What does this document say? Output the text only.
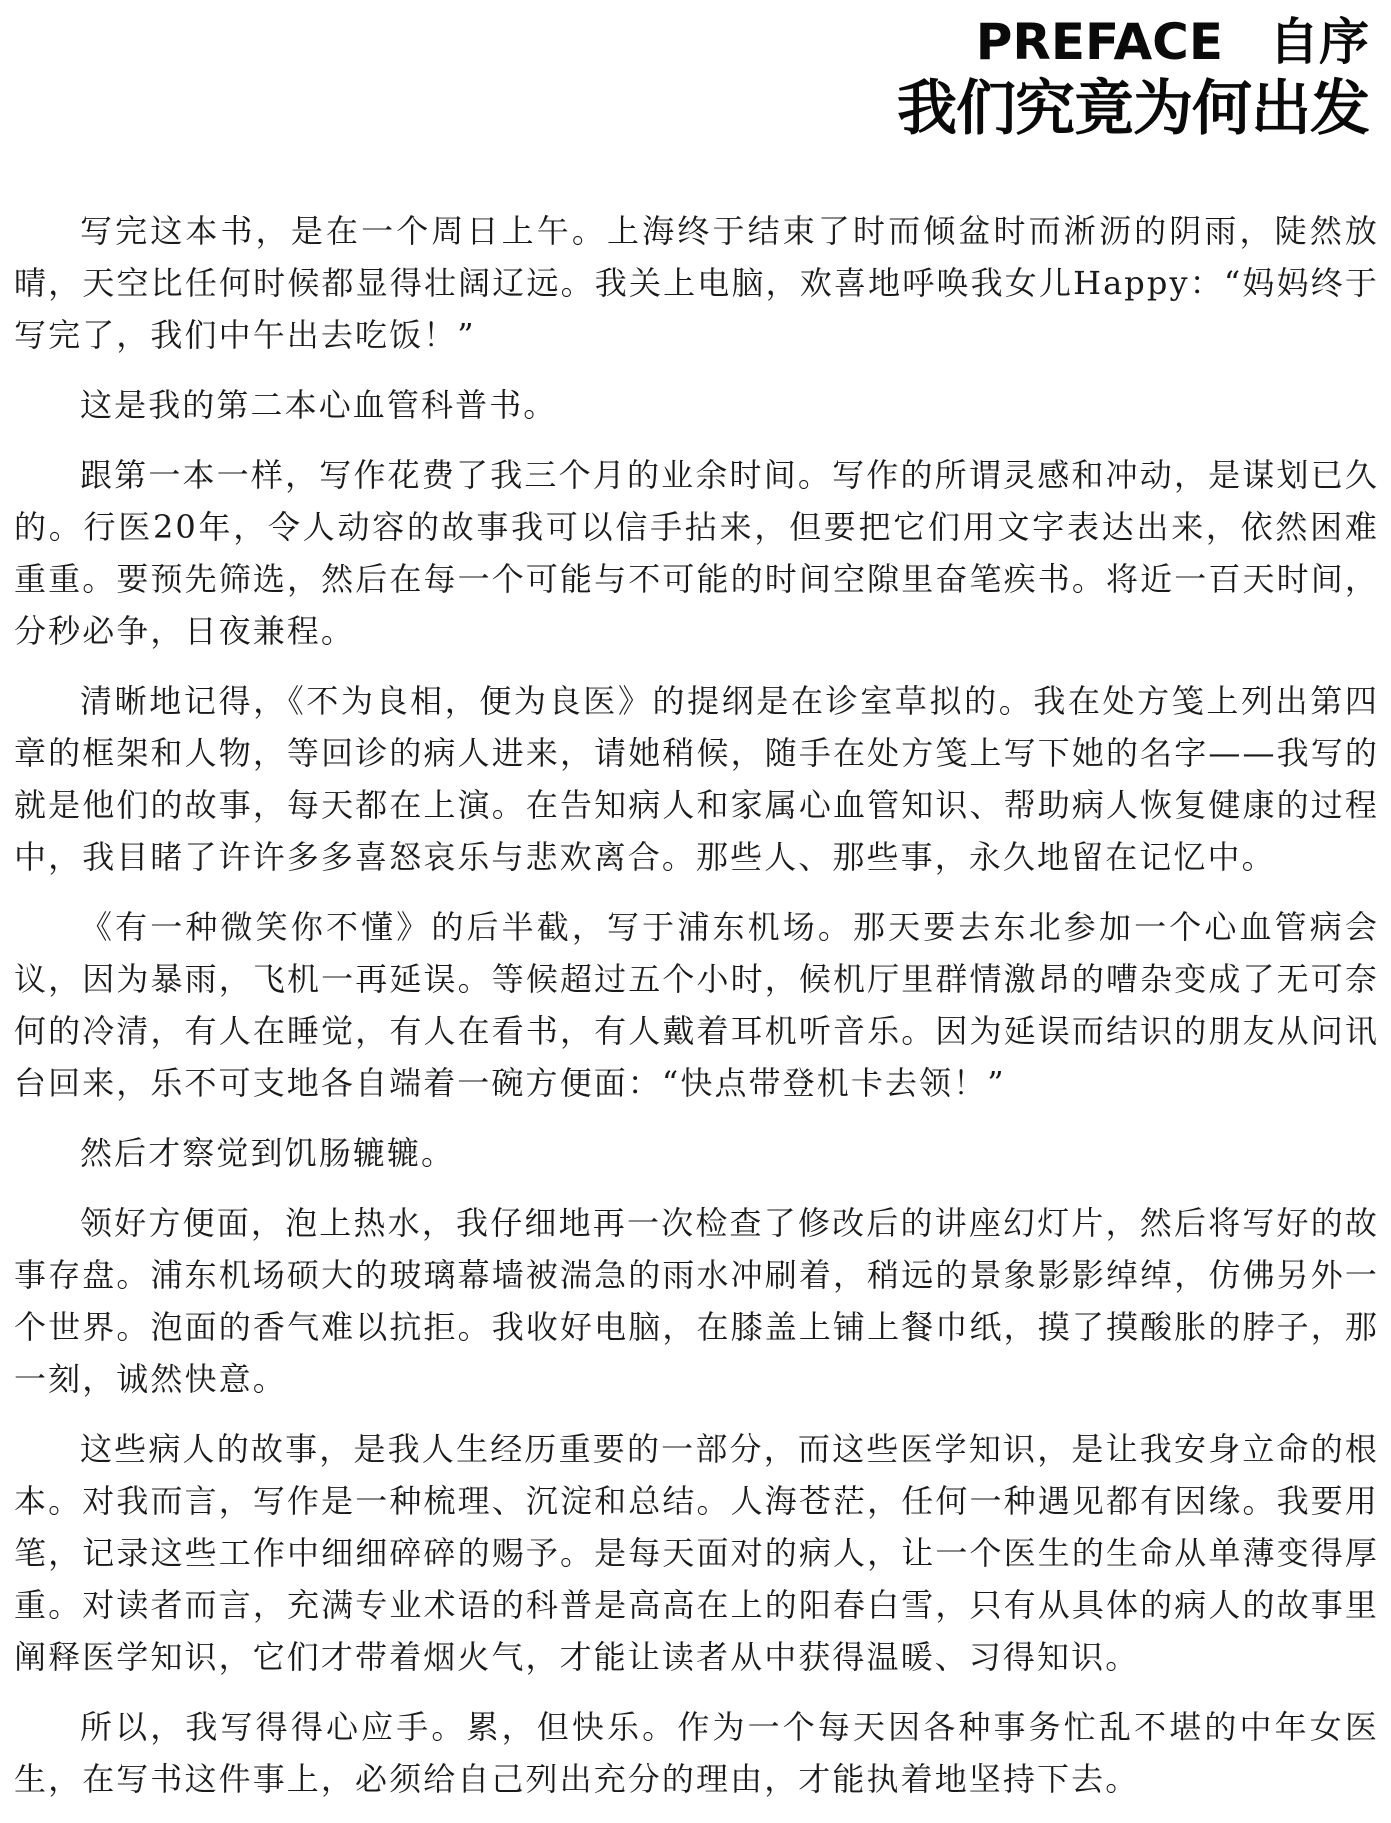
PREFACE 自序
我们究竟为何出发

写完这本书，是在一个周日上午。上海终于结束了时而倾盆时而淅沥的阴雨，陡然放晴，天空比任何时候都显得壮阔辽远。我关上电脑，欢喜地呼唤我女儿Happy：“妈妈终于写完了，我们中午出去吃饭！”

这是我的第二本心血管科普书。

跟第一本一样，写作花费了我三个月的业余时间。写作的所谓灵感和冲动，是谋划已久的。行医20年，令人动容的故事我可以信手拈来，但要把它们用文字表达出来，依然困难重重。要预先筛选，然后在每一个可能与不可能的时间空隙里奋笔疾书。将近一百天时间，分秒必争，日夜兼程。

清晰地记得，《不为良相，便为良医》的提纲是在诊室草拟的。我在处方笺上列出第四章的框架和人物，等回诊的病人进来，请她稍候，随手在处方笺上写下她的名字——我写的就是他们的故事，每天都在上演。在告知病人和家属心血管知识、帮助病人恢复健康的过程中，我目睹了许许多多喜怒哀乐与悲欢离合。那些人、那些事，永久地留在记忆中。

《有一种微笑你不懂》的后半截，写于浦东机场。那天要去东北参加一个心血管病会议，因为暴雨，飞机一再延误。等候超过五个小时，候机厅里群情激昂的嘈杂变成了无可奈何的冷清，有人在睡觉，有人在看书，有人戴着耳机听音乐。因为延误而结识的朋友从问讯台回来，乐不可支地各自端着一碗方便面：“快点带登机卡去领！”

然后才察觉到饥肠辘辘。

领好方便面，泡上热水，我仔细地再一次检查了修改后的讲座幻灯片，然后将写好的故事存盘。浦东机场硕大的玻璃幕墙被湍急的雨水冲刷着，稍远的景象影影绰绰，仿佛另外一个世界。泡面的香气难以抗拒。我收好电脑，在膝盖上铺上餐巾纸，摸了摸酸胀的脖子，那一刻，诚然快意。

这些病人的故事，是我人生经历重要的一部分，而这些医学知识，是让我安身立命的根本。对我而言，写作是一种梳理、沉淀和总结。人海苍茫，任何一种遇见都有因缘。我要用笔，记录这些工作中细细碎碎的赐予。是每天面对的病人，让一个医生的生命从单薄变得厚重。对读者而言，充满专业术语的科普是高高在上的阳春白雪，只有从具体的病人的故事里阐释医学知识，它们才带着烟火气，才能让读者从中获得温暖、习得知识。

所以，我写得得心应手。累，但快乐。作为一个每天因各种事务忙乱不堪的中年女医生，在写书这件事上，必须给自己列出充分的理由，才能执着地坚持下去。
